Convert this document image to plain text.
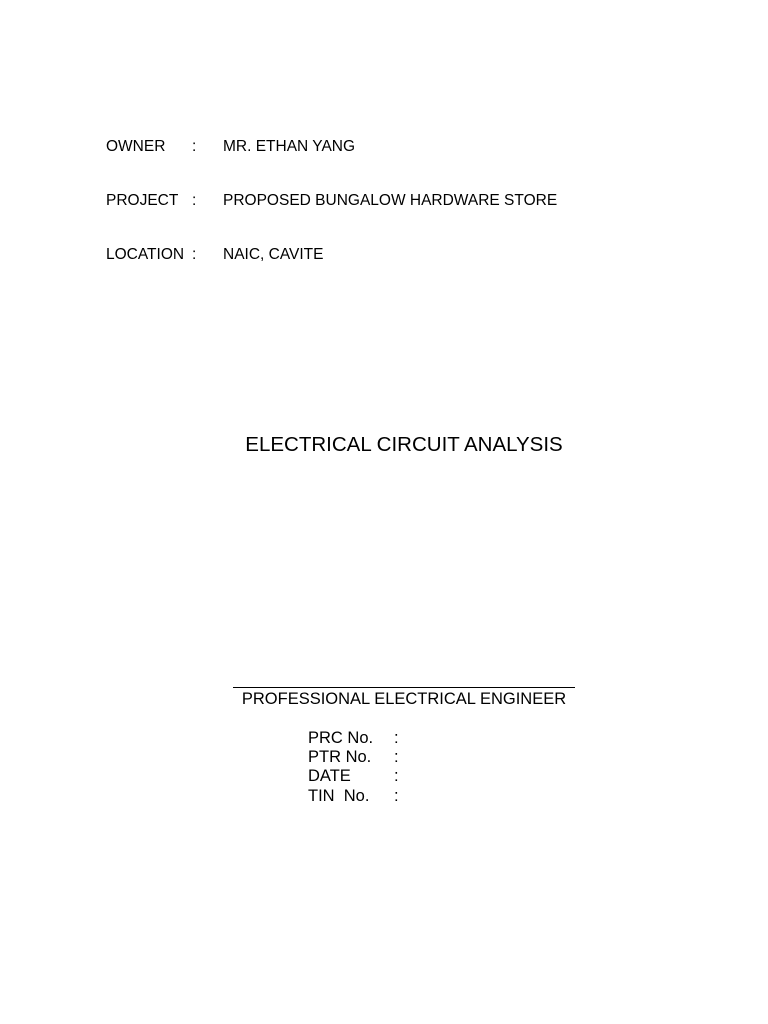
OWNER : MR. ETHAN YANG
PROJECT : PROPOSED BUNGALOW HARDWARE STORE
LOCATION : NAIC, CAVITE
ELECTRICAL CIRCUIT ANALYSIS
PROFESSIONAL ELECTRICAL ENGINEER
PRC No. :
PTR No. :
DATE	:
TIN  No. :
